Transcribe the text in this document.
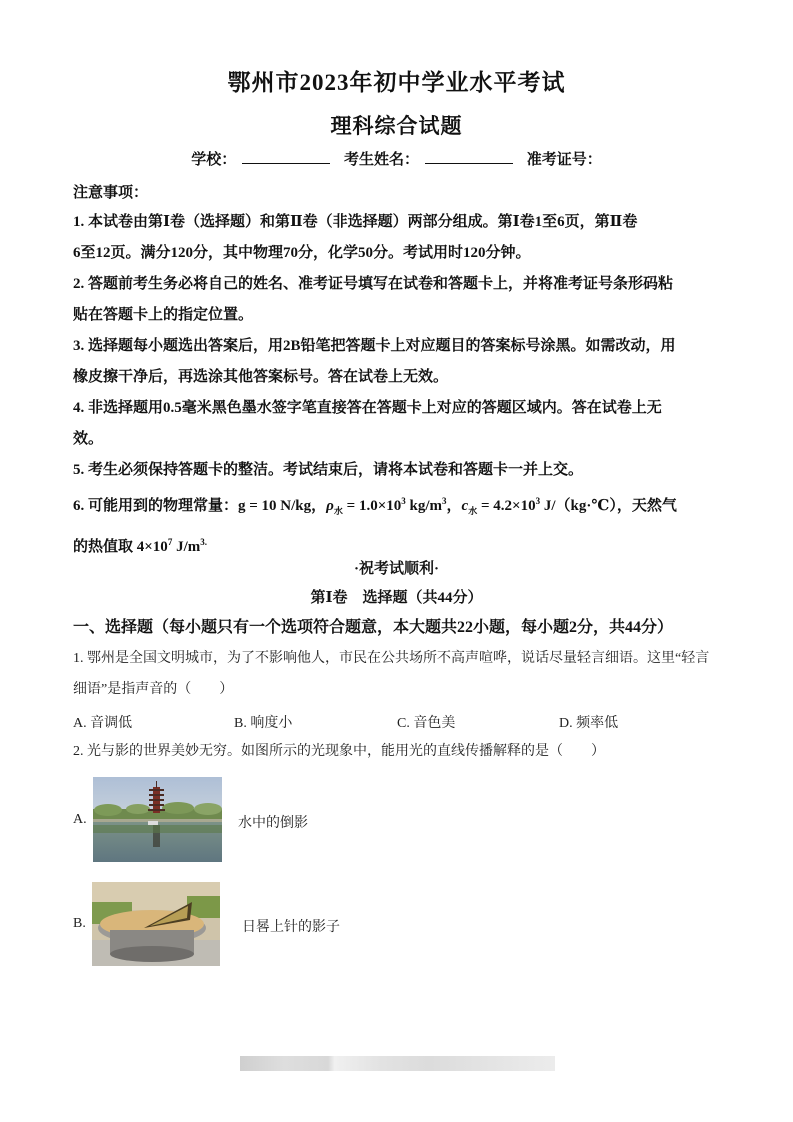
鄂州市2023年初中学业水平考试
理科综合试题
学校：	考生姓名：	准考证号：
注意事项：
1. 本试卷由第Ⅰ卷（选择题）和第Ⅱ卷（非选择题）两部分组成。第Ⅰ卷1至6页，第Ⅱ卷
6至12页。满分120分，其中物理70分，化学50分。考试用时120分钟。
2. 答题前考生务必将自己的姓名、准考证号填写在试卷和答题卡上，并将准考证号条形码粘
贴在答题卡上的指定位置。
3. 选择题每小题选出答案后，用2B铅笔把答题卡上对应题目的答案标号涂黑。如需改动，用
橡皮擦干净后，再选涂其他答案标号。答在试卷上无效。
4. 非选择题用0.5毫米黑色墨水签字笔直接答在答题卡上对应的答题区域内。答在试卷上无
效。
5. 考生必须保持答题卡的整洁。考试结束后，请将本试卷和答题卡一并上交。
6. 可能用到的物理常量：g = 10 N/kg，$\rho_水 = 1.0\times 10^3$ $kg/m^3$，$c_水 = 4.2\times 10^3$ J/（kg·℃），天然气
的热值取 $4\times 10^7$ $J/m^{3.}$
·祝考试顺利·
第Ⅰ卷　选择题（共44分）
一、选择题（每小题只有一个选项符合题意，本大题共22小题，每小题2分，共44分）
1. 鄂州是全国文明城市，为了不影响他人，市民在公共场所不高声喧哗，说话尽量轻言细语。这里“轻言
细语”是指声音的（　　）
A. 音调低	B. 响度小	C. 音色美	D. 频率低
2. 光与影的世界美妙无穷。如图所示的光现象中，能用光的直线传播解释的是（　　）
A.	水中的倒影
B.	日晷上针的影子
